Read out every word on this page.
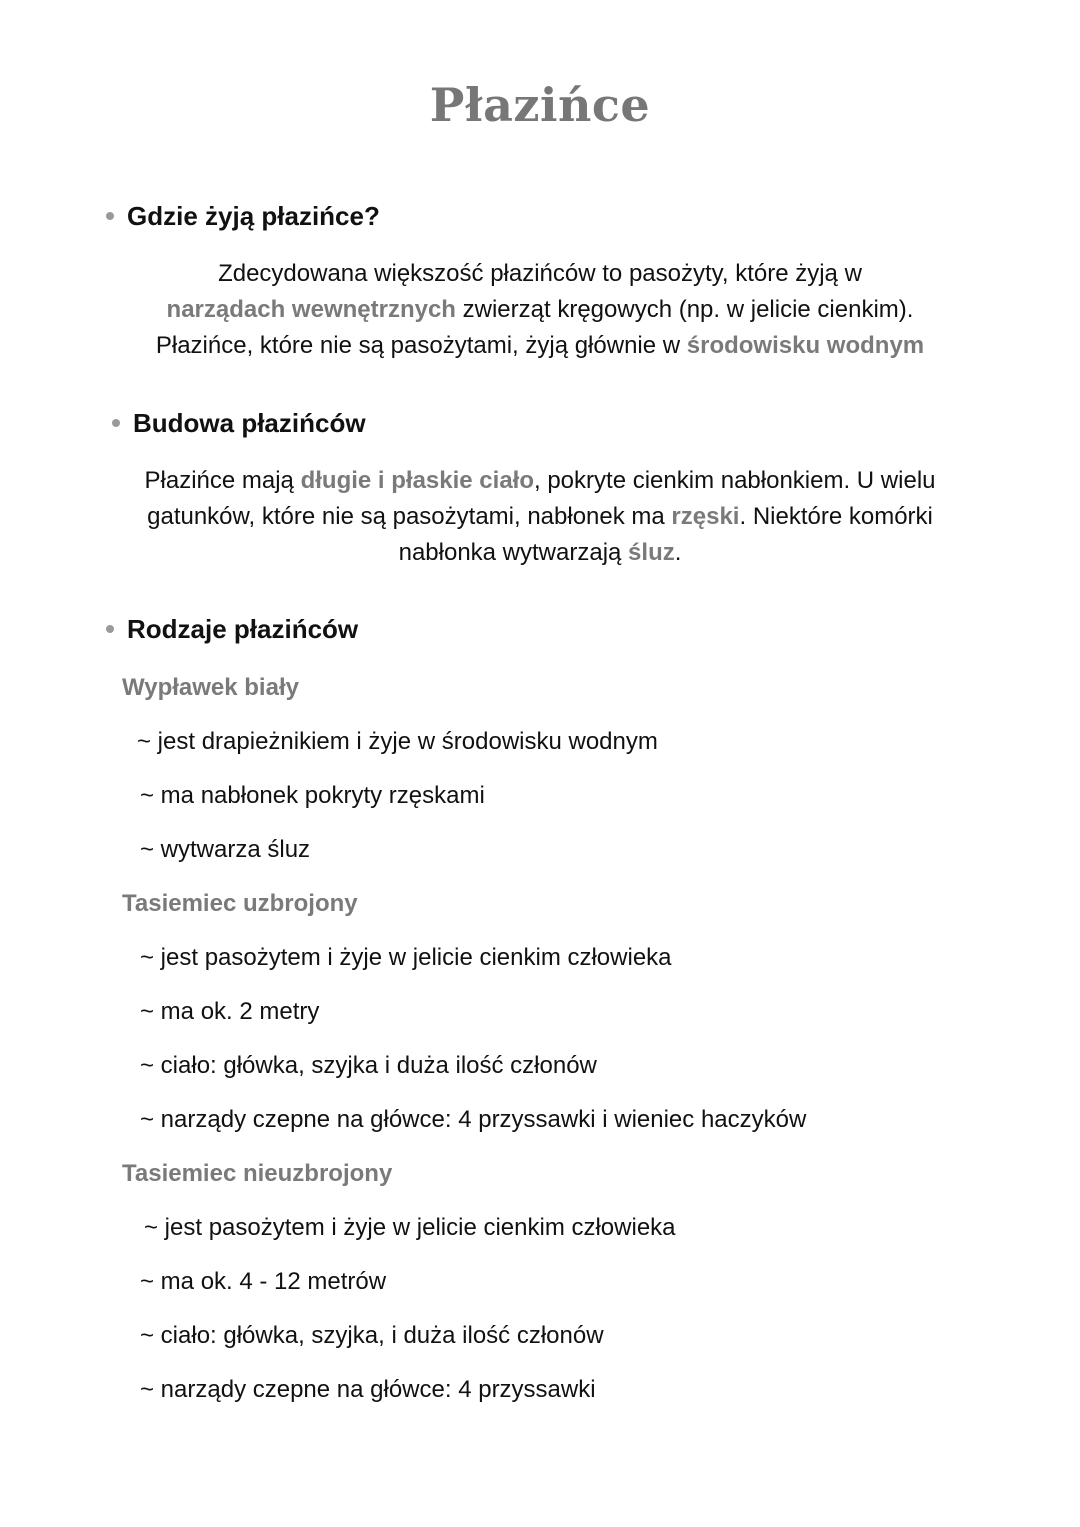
Płazińce
Gdzie żyją płazińce?
Zdecydowana większość płazińców to pasożyty, które żyją w
narządach wewnętrznych zwierząt kręgowych (np. w jelicie cienkim).
Płazińce, które nie są pasożytami, żyją głównie w środowisku wodnym
Budowa płazińców
Płazińce mają długie i płaskie ciało, pokryte cienkim nabłonkiem. U wielu
gatunków, które nie są pasożytami, nabłonek ma rzęski. Niektóre komórki
nabłonka wytwarzają śluz.
Rodzaje płazińców
Wypławek biały
~ jest drapieżnikiem i żyje w środowisku wodnym
~ ma nabłonek pokryty rzęskami
~ wytwarza śluz
Tasiemiec uzbrojony
~ jest pasożytem i żyje w jelicie cienkim człowieka
~ ma ok. 2 metry
~ ciało: główka, szyjka i duża ilość członów
~ narządy czepne na główce: 4 przyssawki i wieniec haczyków
Tasiemiec nieuzbrojony
~ jest pasożytem i żyje w jelicie cienkim człowieka
~ ma ok. 4 - 12 metrów
~ ciało: główka, szyjka, i duża ilość członów
~ narządy czepne na główce: 4 przyssawki
